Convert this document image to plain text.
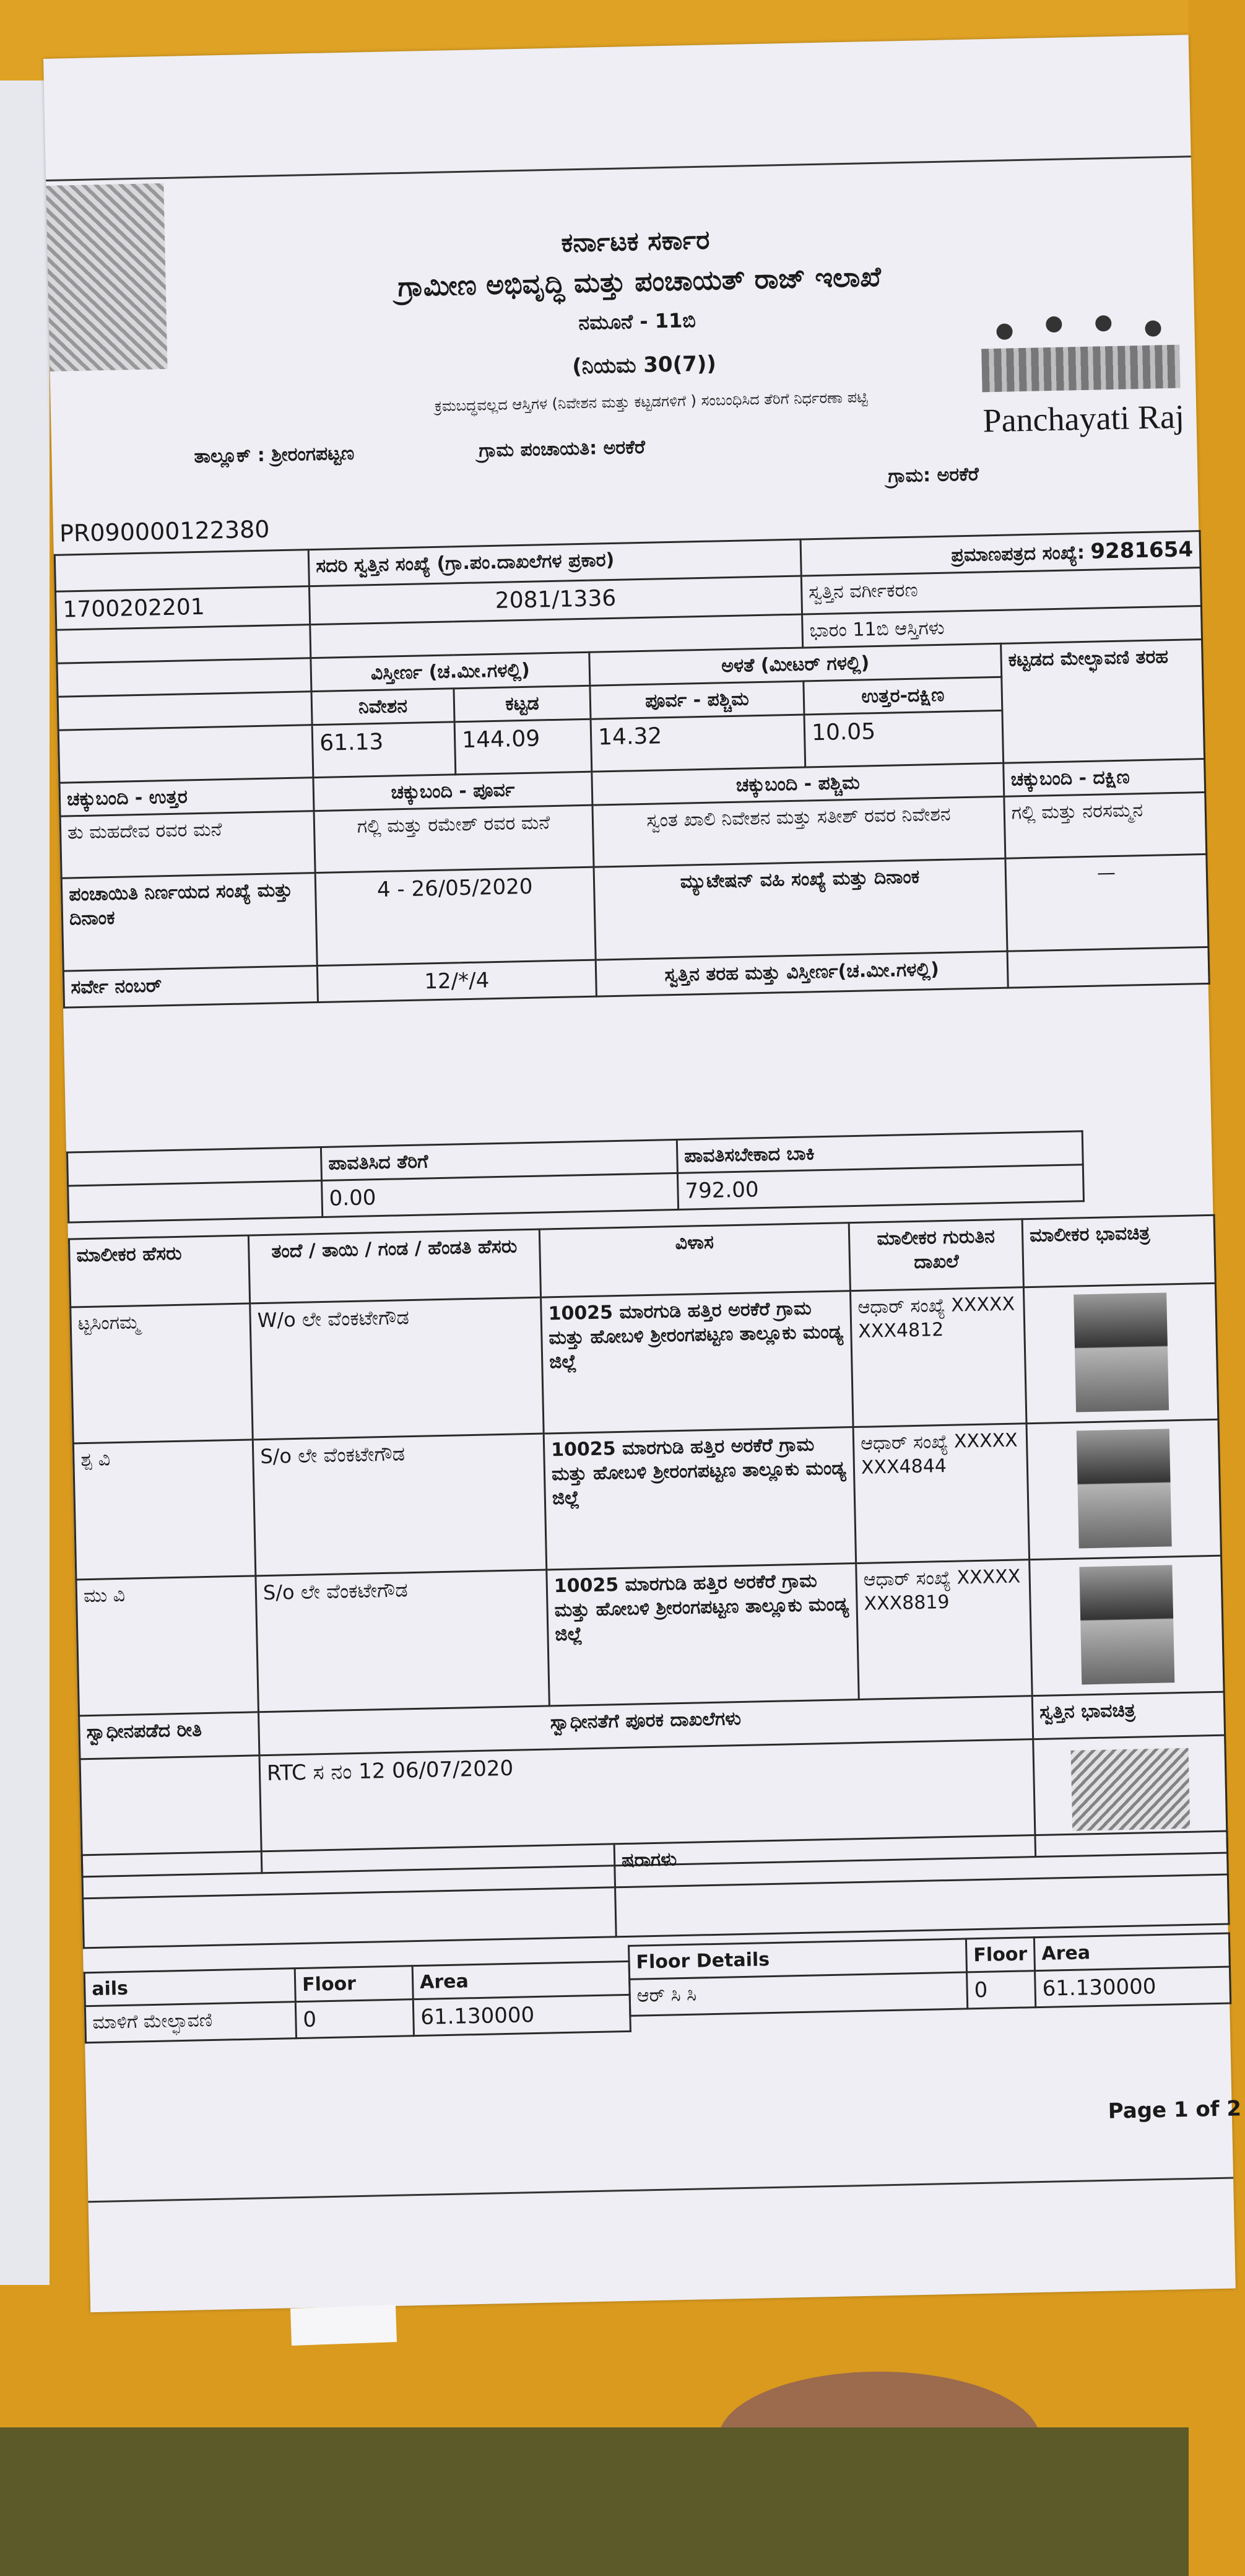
ಕರ್ನಾಟಕ ಸರ್ಕಾರ
ಗ್ರಾಮೀಣ ಅಭಿವೃದ್ಧಿ ಮತ್ತು ಪಂಚಾಯತ್ ರಾಜ್ ಇಲಾಖೆ
ನಮೂನೆ - 11ಬಿ
(ನಿಯಮ 30(7))
ಕ್ರಮಬದ್ಧವಲ್ಲದ ಆಸ್ತಿಗಳ (ನಿವೇಶನ ಮತ್ತು ಕಟ್ಟಡಗಳಿಗೆ ) ಸಂಬಂಧಿಸಿದ ತೆರಿಗೆ ನಿರ್ಧರಣಾ ಪಟ್ಟಿ
ತಾಲ್ಲೂಕ್ : ಶ್ರೀರಂಗಪಟ್ಟಣ	ಗ್ರಾಮ ಪಂಚಾಯತಿ: ಅರಕೆರೆ
ಗ್ರಾಮ: ಅರಕೆರೆ
Panchayati Raj
PR090000122380
	ಸದರಿ ಸ್ವತ್ತಿನ ಸಂಖ್ಯೆ (ಗ್ರಾ.ಪಂ.ದಾಖಲೆಗಳ ಪ್ರಕಾರ)			ಪ್ರಮಾಣಪತ್ರದ ಸಂಖ್ಯೆ: 9281654	
1700202201	2081/1336			ಸ್ವತ್ತಿನ ವರ್ಗೀಕರಣ	
				ಭಾರಂ 11ಬಿ ಆಸ್ತಿಗಳು	
	ವಿಸ್ತೀರ್ಣ (ಚ.ಮೀ.ಗಳಲ್ಲಿ)		ಅಳತೆ (ಮೀಟರ್ ಗಳಲ್ಲಿ)		ಕಟ್ಟಡದ ಮೇಲ್ಛಾವಣಿ ತರಹ
	ನಿವೇಶನ	ಕಟ್ಟಡ	ಪೂರ್ವ - ಪಶ್ಚಿಮ	ಉತ್ತರ-ದಕ್ಷಿಣ	
	61.13	144.09	14.32	10.05	
ಚಕ್ಕುಬಂದಿ - ಉತ್ತರ	ಚಕ್ಕುಬಂದಿ - ಪೂರ್ವ		ಚಕ್ಕುಬಂದಿ - ಪಶ್ಚಿಮ		ಚಕ್ಕುಬಂದಿ - ದಕ್ಷಿಣ
ತು ಮಹದೇವ ರವರ ಮನೆ	ಗಲ್ಲಿ ಮತ್ತು ರಮೇಶ್ ರವರ ಮನೆ		ಸ್ವಂತ ಖಾಲಿ ನಿವೇಶನ ಮತ್ತು ಸತೀಶ್ ರವರ ನಿವೇಶನ		ಗಲ್ಲಿ ಮತ್ತು ನರಸಮ್ಮನ
ಪಂಚಾಯಿತಿ ನಿರ್ಣಯದ ಸಂಖ್ಯೆ ಮತ್ತು ದಿನಾಂಕ	4 - 26/05/2020		ಮ್ಯುಟೇಷನ್ ವಹಿ ಸಂಖ್ಯೆ ಮತ್ತು ದಿನಾಂಕ		—
ಸರ್ವೇ ನಂಬರ್	12/*/4		ಸ್ವತ್ತಿನ ತರಹ ಮತ್ತು ವಿಸ್ತೀರ್ಣ(ಚ.ಮೀ.ಗಳಲ್ಲಿ)		
	ಪಾವತಿಸಿದ ತೆರಿಗೆ	ಪಾವತಿಸಬೇಕಾದ ಬಾಕಿ
	0.00	792.00
ಮಾಲೀಕರ ಹೆಸರು	ತಂದೆ / ತಾಯಿ / ಗಂಡ / ಹೆಂಡತಿ ಹೆಸರು	ವಿಳಾಸ	ಮಾಲೀಕರ ಗುರುತಿನ ದಾಖಲೆ	ಮಾಲೀಕರ ಭಾವಚಿತ್ರ
ಟ್ಟಸಿಂಗಮ್ಮ	W/o ಲೇ ವೆಂಕಟೇಗೌಡ	10025 ಮಾರಗುಡಿ ಹತ್ತಿರ ಅರಕೆರೆ ಗ್ರಾಮ ಮತ್ತು ಹೋಬಳಿ ಶ್ರೀರಂಗಪಟ್ಟಣ ತಾಲ್ಲೂಕು ಮಂಡ್ಯ ಜಿಲ್ಲೆ	ಆಧಾರ್ ಸಂಖ್ಯೆ XXXXXXXX4812	

ಶ್ಪ ವಿ	S/o ಲೇ ವೆಂಕಟೇಗೌಡ	10025 ಮಾರಗುಡಿ ಹತ್ತಿರ ಅರಕೆರೆ ಗ್ರಾಮ ಮತ್ತು ಹೋಬಳಿ ಶ್ರೀರಂಗಪಟ್ಟಣ ತಾಲ್ಲೂಕು ಮಂಡ್ಯ ಜಿಲ್ಲೆ	ಆಧಾರ್ ಸಂಖ್ಯೆ XXXXXXXX4844	

ಮು ವಿ	S/o ಲೇ ವೆಂಕಟೇಗೌಡ	10025 ಮಾರಗುಡಿ ಹತ್ತಿರ ಅರಕೆರೆ ಗ್ರಾಮ ಮತ್ತು ಹೋಬಳಿ ಶ್ರೀರಂಗಪಟ್ಟಣ ತಾಲ್ಲೂಕು ಮಂಡ್ಯ ಜಿಲ್ಲೆ	ಆಧಾರ್ ಸಂಖ್ಯೆ XXXXXXXX8819	

ಸ್ವಾಧೀನಪಡೆದ ರೀತಿ	ಸ್ವಾಧೀನತೆಗೆ ಪೂರಕ ದಾಖಲೆಗಳು			ಸ್ವತ್ತಿನ ಭಾವಚಿತ್ರ
	RTC ಸ ನಂ 12 06/07/2020			
	ಷರಾಗಳು

ails	Floor	Area
ಮಾಳಿಗೆ ಮೇಲ್ಛಾವಣಿ	0	61.130000
Floor Details	Floor	Area
ಆರ್ ಸಿ ಸಿ	0	61.130000
Page 1 of 2
